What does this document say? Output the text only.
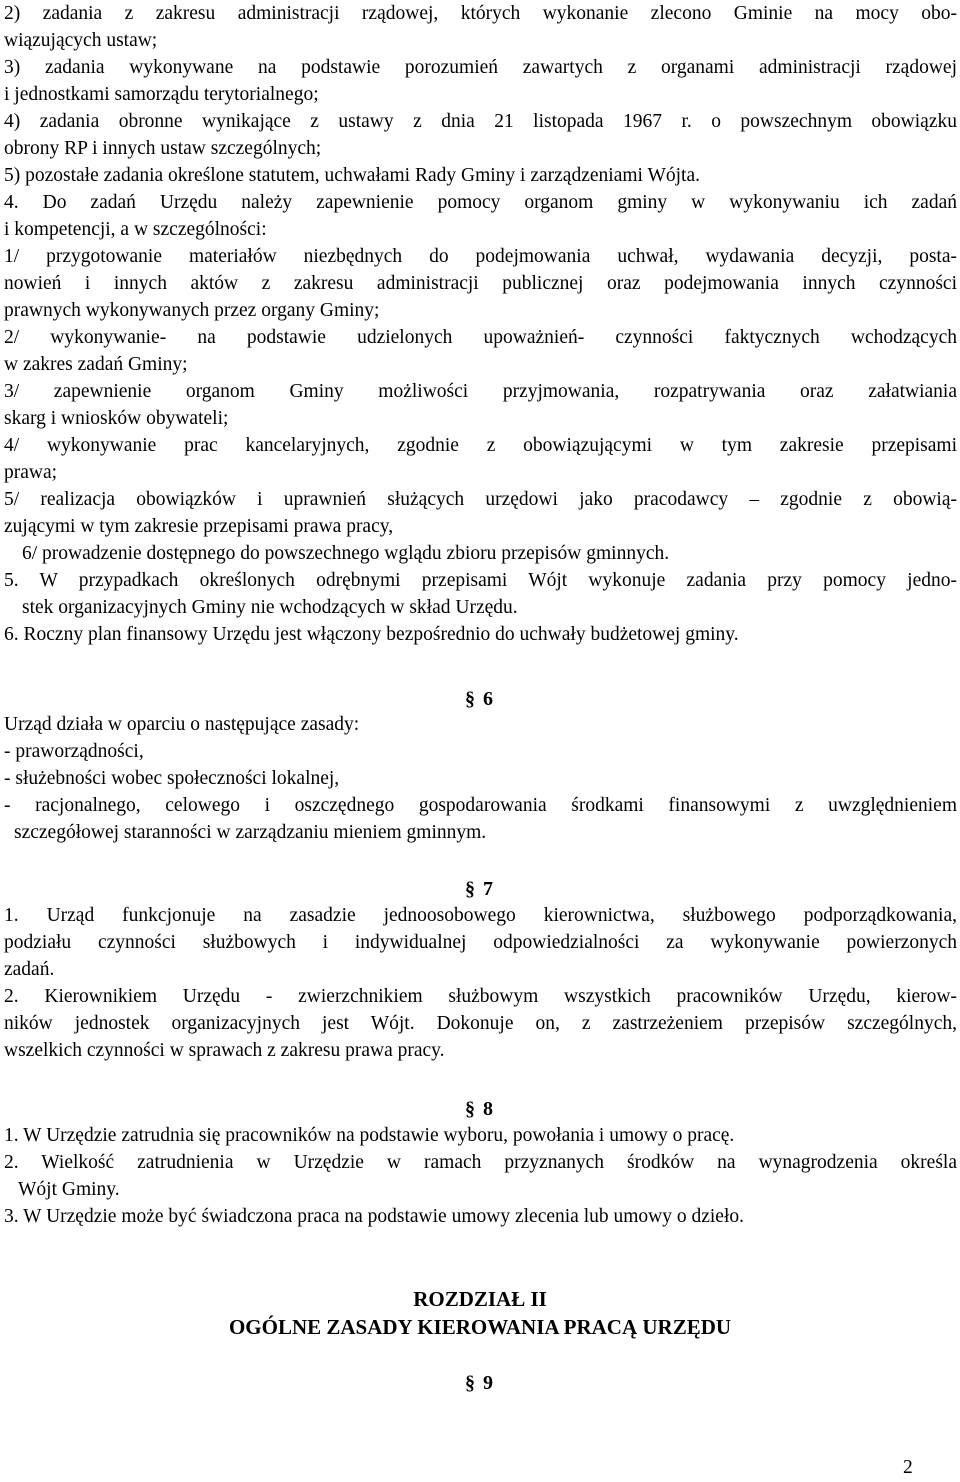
2) zadania z zakresu administracji rządowej, których wykonanie zlecono Gminie na mocy obo-
wiązujących ustaw;
3) zadania wykonywane na podstawie porozumień zawartych z organami administracji rządowej
i jednostkami samorządu terytorialnego;
4) zadania obronne wynikające z ustawy z dnia 21 listopada 1967 r. o powszechnym obowiązku
obrony RP i innych ustaw szczególnych;
5) pozostałe zadania określone statutem, uchwałami Rady Gminy i zarządzeniami Wójta.
4. Do zadań Urzędu należy zapewnienie pomocy organom gminy w wykonywaniu ich zadań
i kompetencji, a w szczególności:
1/ przygotowanie materiałów niezbędnych do podejmowania uchwał, wydawania decyzji, posta-
nowień i innych aktów z zakresu administracji publicznej oraz podejmowania innych czynności
prawnych wykonywanych przez organy Gminy;
2/ wykonywanie- na podstawie udzielonych upoważnień- czynności faktycznych wchodzących
w zakres zadań Gminy;
3/ zapewnienie organom Gminy możliwości przyjmowania, rozpatrywania oraz załatwiania
skarg i wniosków obywateli;
4/ wykonywanie prac kancelaryjnych, zgodnie z obowiązującymi w tym zakresie przepisami
prawa;
5/ realizacja obowiązków i uprawnień służących urzędowi jako pracodawcy – zgodnie z obowią-
zującymi w tym zakresie przepisami prawa pracy,
6/ prowadzenie dostępnego do powszechnego wglądu zbioru przepisów gminnych.
5. W przypadkach określonych odrębnymi przepisami Wójt wykonuje zadania przy pomocy jedno-
stek organizacyjnych Gminy nie wchodzących w skład Urzędu.
6. Roczny plan finansowy Urzędu jest włączony bezpośrednio do uchwały budżetowej gminy.
§ 6
Urząd działa w oparciu o następujące zasady:
- praworządności,
- służebności wobec społeczności lokalnej,
- racjonalnego, celowego i oszczędnego gospodarowania środkami finansowymi z uwzględnieniem
szczegółowej staranności w zarządzaniu mieniem gminnym.
§ 7
1. Urząd funkcjonuje na zasadzie jednoosobowego kierownictwa, służbowego podporządkowania,
podziału czynności służbowych i indywidualnej odpowiedzialności za wykonywanie powierzonych
zadań.
2. Kierownikiem Urzędu - zwierzchnikiem służbowym wszystkich pracowników Urzędu, kierow-
ników jednostek organizacyjnych jest Wójt. Dokonuje on, z zastrzeżeniem przepisów szczególnych,
wszelkich czynności w sprawach z zakresu prawa pracy.
§ 8
1. W Urzędzie zatrudnia się pracowników na podstawie wyboru, powołania i umowy o pracę.
2. Wielkość zatrudnienia w Urzędzie w ramach przyznanych środków na wynagrodzenia określa
Wójt Gminy.
3. W Urzędzie może być świadczona praca na podstawie umowy zlecenia lub umowy o dzieło.
ROZDZIAŁ II
OGÓLNE ZASADY KIEROWANIA PRACĄ URZĘDU
§ 9
2
